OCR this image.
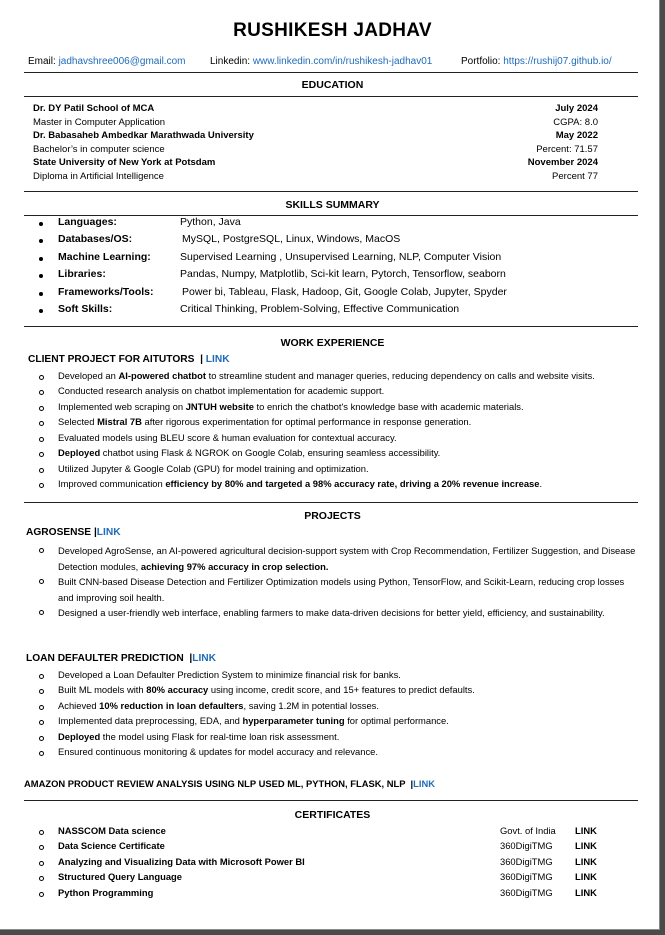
RUSHIKESH JADHAV
Email: jadhavshree006@gmail.com Linkedin: www.linkedin.com/in/rushikesh-jadhav01	Portfolio: https://rushij07.github.io/
EDUCATION
SKILLS SUMMARY
WORK EXPERIENCE
CLIENT PROJECT FOR AITUTORS | LINK
PROJECTS
AGROSENSE |LINK
LOAN DEFAULTER PREDICTION  |LINK
AMAZON PRODUCT REVIEW ANALYSIS USING NLP USED ML, PYTHON, FLASK, NLP  |LINK
CERTIFICATES
Dr. DY Patil School of MCA	July 2024
Master in Computer Application	CGPA: 8.0
Dr. Babasaheb Ambedkar Marathwada University	May 2022
Bachelor’s in computer science	Percent: 71.57
State University of New York at Potsdam	November 2024
Diploma in Artificial Intelligence	Percent 77
Languages:	Python, Java
Databases/OS:	MySQL, PostgreSQL, Linux, Windows, MacOS
Machine Learning:	Supervised Learning , Unsupervised Learning, NLP, Computer Vision
Libraries:	Pandas, Numpy, Matplotlib, Sci-kit learn, Pytorch, Tensorflow, seaborn
Frameworks/Tools:	Power bi, Tableau, Flask, Hadoop, Git, Google Colab, Jupyter, Spyder
Soft Skills:	Critical Thinking, Problem-Solving, Effective Communication
Developed an AI-powered chatbot to streamline student and manager queries, reducing dependency on calls and website visits.
Conducted research analysis on chatbot implementation for academic support.
Implemented web scraping on JNTUH website to enrich the chatbot's knowledge base with academic materials.
Selected Mistral 7B after rigorous experimentation for optimal performance in response generation.
Evaluated models using BLEU score & human evaluation for contextual accuracy.
Deployed chatbot using Flask & NGROK on Google Colab, ensuring seamless accessibility.
Utilized Jupyter & Google Colab (GPU) for model training and optimization.
Improved communication efficiency by 80% and targeted a 98% accuracy rate, driving a 20% revenue increase.
Developed AgroSense, an AI-powered agricultural decision-support system with Crop Recommendation, Fertilizer Suggestion, and Disease Detection modules, achieving 97% accuracy in crop selection.
Built CNN-based Disease Detection and Fertilizer Optimization models using Python, TensorFlow, and Scikit-Learn, reducing crop losses and improving soil health.
Designed a user-friendly web interface, enabling farmers to make data-driven decisions for better yield, efficiency, and sustainability.
Developed a Loan Defaulter Prediction System to minimize financial risk for banks.
Built ML models with 80% accuracy using income, credit score, and 15+ features to predict defaults.
Achieved 10% reduction in loan defaulters, saving 1.2M in potential losses.
Implemented data preprocessing, EDA, and hyperparameter tuning for optimal performance.
Deployed the model using Flask for real-time loan risk assessment.
Ensured continuous monitoring & updates for model accuracy and relevance.
NASSCOM Data science	Govt. of India LINK
Data Science Certificate	360DigiTMG LINK
Analyzing and Visualizing Data with Microsoft Power BI	360DigiTMG LINK
Structured Query Language	360DigiTMG LINK
Python Programming	360DigiTMG LINK
